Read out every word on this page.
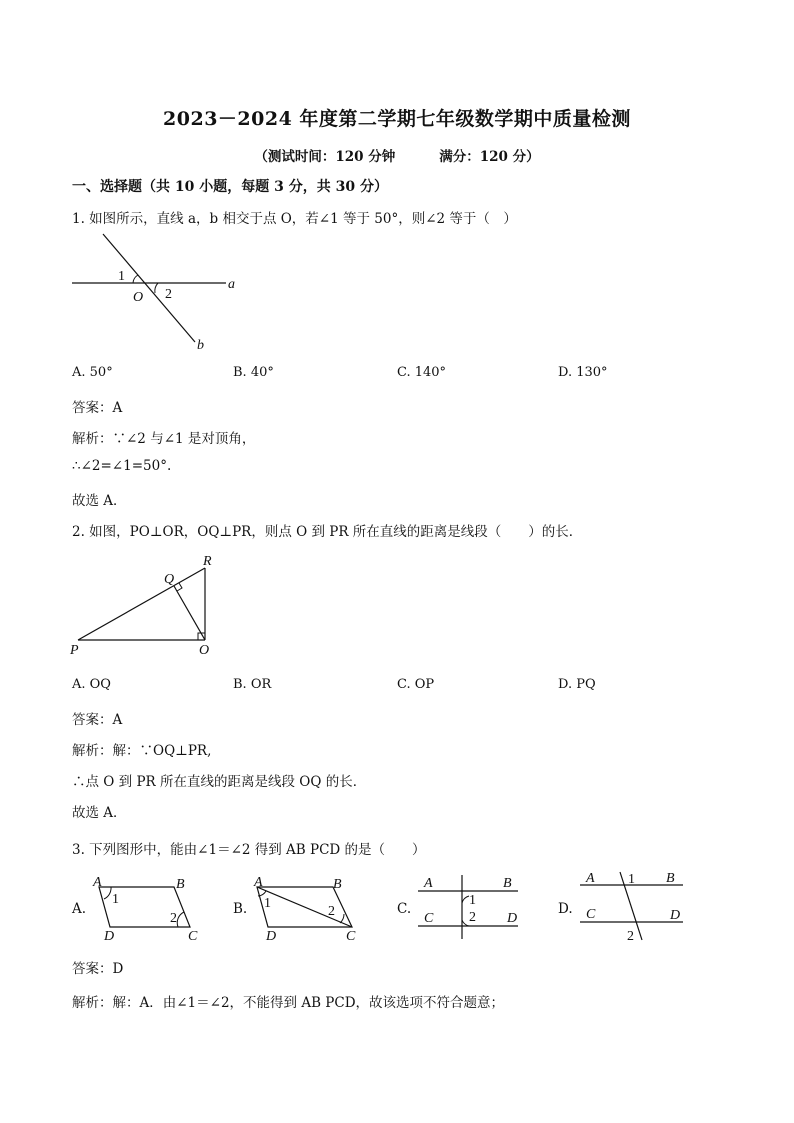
2023－2024 年度第二学期七年级数学期中质量检测
（测试时间：120 分钟	满分：120 分）
一、选择题（共 10 小题，每题 3 分，共 30 分）
1. 如图所示，直线 a，b 相交于点 O，若∠1 等于 50°，则∠2 等于（　）
1
2
O
a
b
A. 50°	B. 40°	C. 140°	D. 130°
答案：A
解析：∵∠2 与∠1 是对顶角，
∴∠2=∠1=50°.
故选 A．
2. 如图，PO⊥OR，OQ⊥PR，则点 O 到 PR 所在直线的距离是线段（　　）的长．
P	O
R
Q
A. OQ	B. OR	C. OP	D. PQ
答案：A
解析：解：∵OQ⊥PR,
∴点 O 到 PR 所在直线的距离是线段 OQ 的长．
故选 A．
3. 下列图形中，能由∠1＝∠2 得到 AB PCD 的是（　　）
A.	B.	C.	D.
A	B
D	C
1
2
A	B
D	C
1
2
A	B
C	D
1
2
A	B
C	D
1
2
答案：D
解析：解：A．由∠1＝∠2，不能得到 AB PCD，故该选项不符合题意；
